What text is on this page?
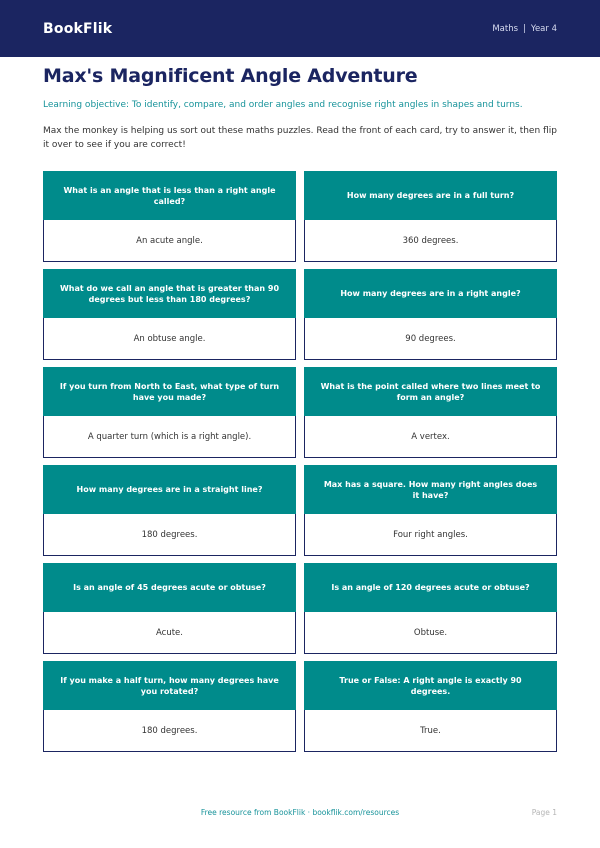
BookFlik	Maths | Year 4
Max's Magnificent Angle Adventure

Learning objective: To identify, compare, and order angles and recognise right angles in shapes and turns.

Max the monkey is helping us sort out these maths puzzles. Read the front of each card, try to answer it, then flip it over to see if you are correct!

What is an angle that is less than a right angle called?
An acute angle.
How many degrees are in a full turn?
360 degrees.
What do we call an angle that is greater than 90 degrees but less than 180 degrees?
An obtuse angle.
How many degrees are in a right angle?
90 degrees.
If you turn from North to East, what type of turn have you made?
A quarter turn (which is a right angle).
What is the point called where two lines meet to form an angle?
A vertex.
How many degrees are in a straight line?
180 degrees.
Max has a square. How many right angles does it have?
Four right angles.
Is an angle of 45 degrees acute or obtuse?
Acute.
Is an angle of 120 degrees acute or obtuse?
Obtuse.
If you make a half turn, how many degrees have you rotated?
180 degrees.
True or False: A right angle is exactly 90 degrees.
True.
Free resource from BookFlik · bookflik.com/resources	Page 1
